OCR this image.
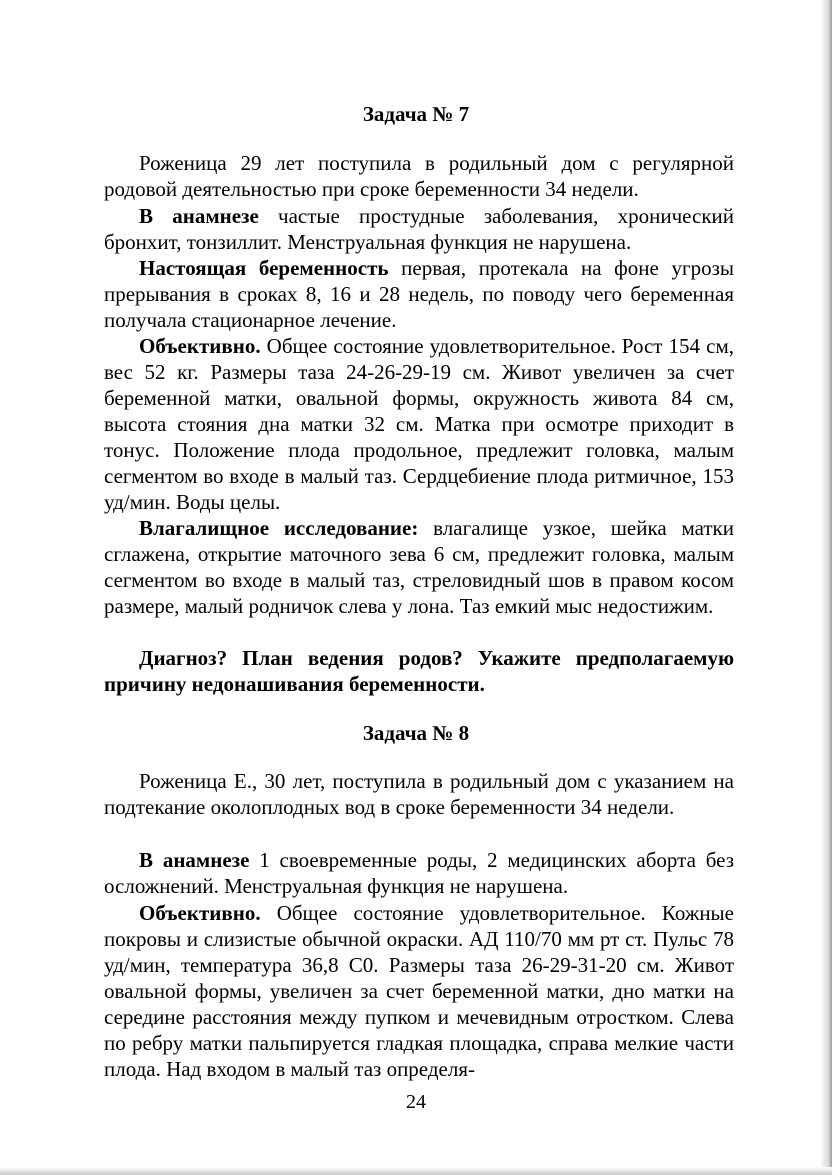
Задача № 7
Роженица 29 лет поступила в родильный дом с регулярной родовой деятельностью при сроке беременности 34 недели.
В анамнезе частые простудные заболевания, хронический бронхит, тонзиллит. Менструальная функция не нарушена.
Настоящая беременность первая, протекала на фоне угрозы прерывания в сроках 8, 16 и 28 недель, по поводу чего беременная получала стационарное лечение.
Объективно. Общее состояние удовлетворительное. Рост 154 см, вес 52 кг. Размеры таза 24-26-29-19 см. Живот увеличен за счет беременной матки, овальной формы, окружность живота 84 см, высота стояния дна матки 32 см. Матка при осмотре приходит в тонус. Положение плода продольное, предлежит головка, малым сегментом во входе в малый таз. Сердцебиение плода ритмичное, 153 уд/мин. Воды целы.
Влагалищное исследование: влагалище узкое, шейка матки сглажена, открытие маточного зева 6 см, предлежит головка, малым сегментом во входе в малый таз, стреловидный шов в правом косом размере, малый родничок слева у лона. Таз емкий мыс недостижим.
Диагноз? План ведения родов? Укажите предполагаемую причину недонашивания беременности.
Задача № 8
Роженица Е., 30 лет, поступила в родильный дом с указанием на подтекание околоплодных вод в сроке беременности 34 недели.
В анамнезе 1 своевременные роды, 2 медицинских аборта без осложнений. Менструальная функция не нарушена.
Объективно. Общее состояние удовлетворительное. Кожные покровы и слизистые обычной окраски. АД 110/70 мм рт ст. Пульс 78 уд/мин, температура 36,8 С0. Размеры таза 26-29-31-20 см. Живот овальной формы, увеличен за счет беременной матки, дно матки на середине расстояния между пупком и мечевидным отростком. Слева по ребру матки пальпируется гладкая площадка, справа мелкие части плода. Над входом в малый таз определя-
24
